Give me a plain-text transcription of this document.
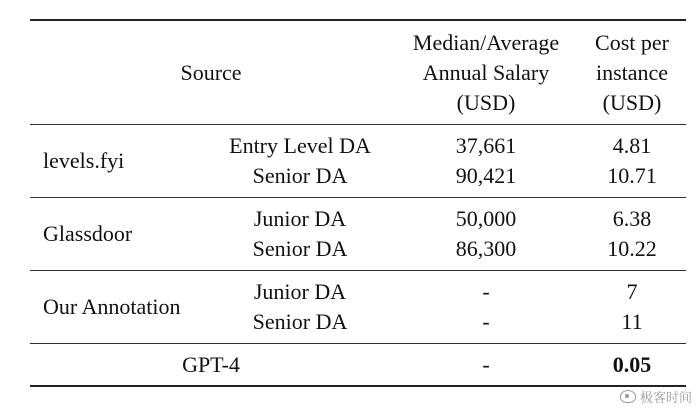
Source
Median/Average
Annual Salary
(USD)
Cost per
instance
(USD)
levels.fyi
Entry Level DA
Senior DA
37,661
90,421
4.81
10.71
Glassdoor
Junior DA
Senior DA
50,000
86,300
6.38
10.22
Our Annotation
Junior DA
Senior DA
-
-
7
11
GPT-4	-	0.05
极客时间
